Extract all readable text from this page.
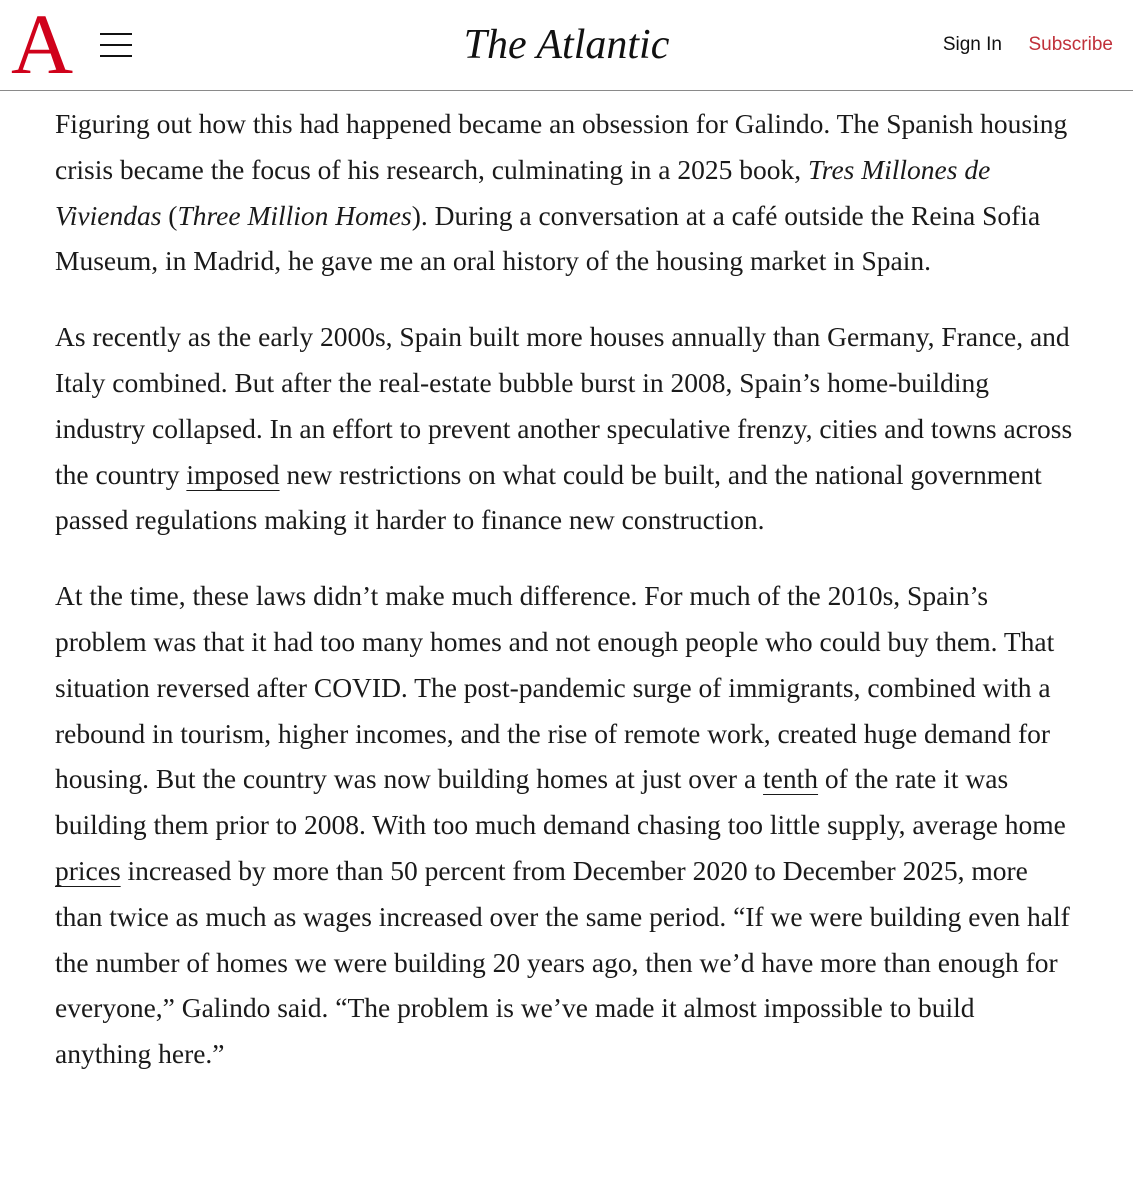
A	The Atlantic	Sign In Subscribe

Figuring out how this had happened became an obsession for Galindo. The Spanish housing crisis became the focus of his research, culminating in a 2025 book, Tres Millones de Viviendas (Three Million Homes). During a conversation at a café outside the Reina Sofia Museum, in Madrid, he gave me an oral history of the housing market in Spain.

As recently as the early 2000s, Spain built more houses annually than Germany, France, and Italy combined. But after the real-estate bubble burst in 2008, Spain’s home-building industry collapsed. In an effort to prevent another speculative frenzy, cities and towns across the country imposed new restrictions on what could be built, and the national government passed regulations making it harder to finance new construction.

At the time, these laws didn’t make much difference. For much of the 2010s, Spain’s problem was that it had too many homes and not enough people who could buy them. That situation reversed after COVID. The post-pandemic surge of immigrants, combined with a rebound in tourism, higher incomes, and the rise of remote work, created huge demand for housing. But the country was now building homes at just over a tenth of the rate it was building them prior to 2008. With too much demand chasing too little supply, average home prices increased by more than 50 percent from December 2020 to December 2025, more than twice as much as wages increased over the same period. “If we were building even half the number of homes we were building 20 years ago, then we’d have more than enough for everyone,” Galindo said. “The problem is we’ve made it almost impossible to build anything here.”
